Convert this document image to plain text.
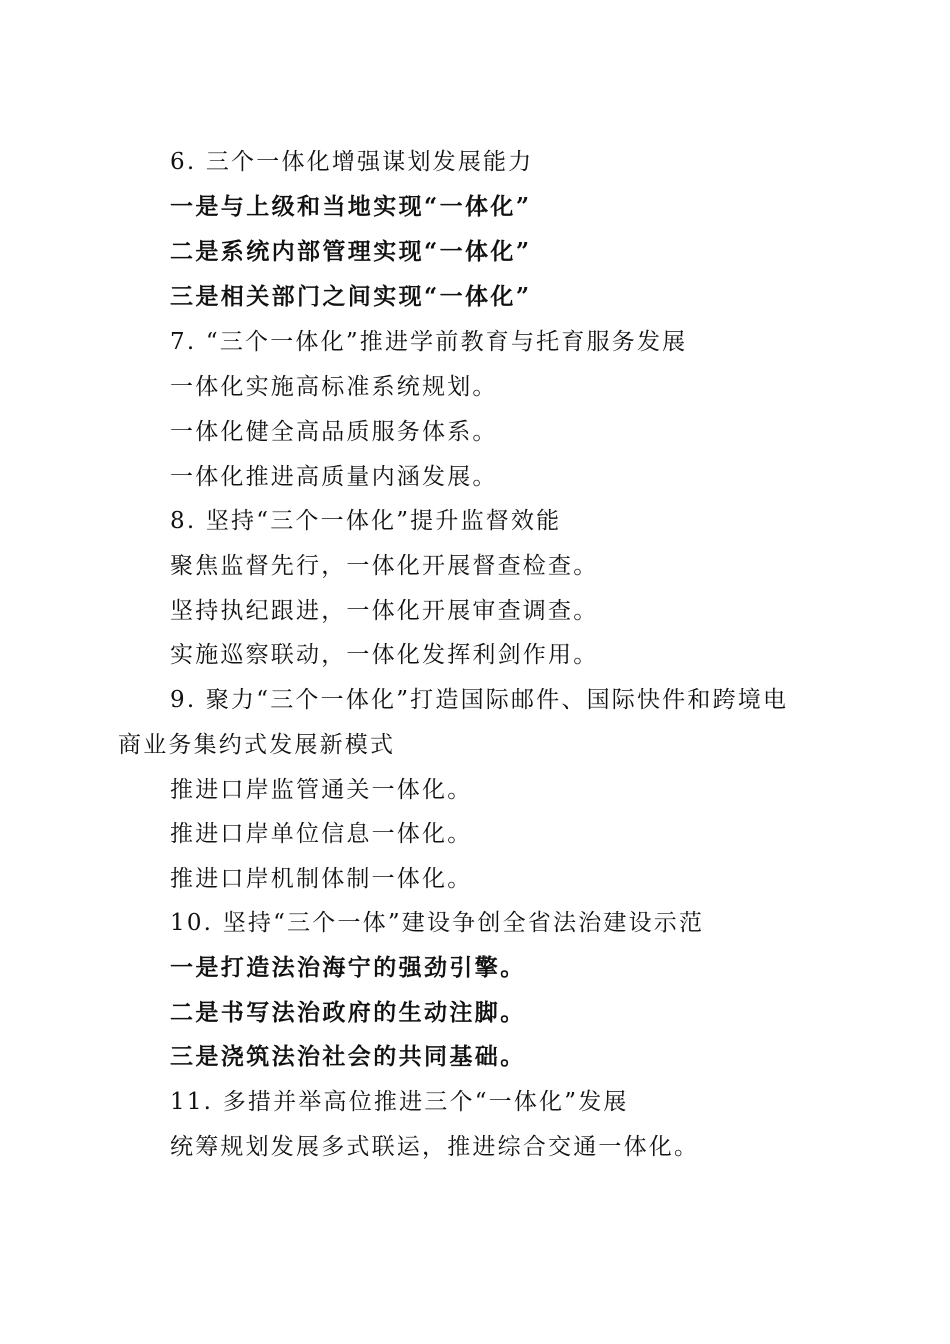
6. 三个一体化增强谋划发展能力
一是与上级和当地实现“一体化”
二是系统内部管理实现“一体化”
三是相关部门之间实现“一体化”
7. “三个一体化”推进学前教育与托育服务发展
一体化实施高标准系统规划。
一体化健全高品质服务体系。
一体化推进高质量内涵发展。
8. 坚持“三个一体化”提升监督效能
聚焦监督先行，一体化开展督查检查。
坚持执纪跟进，一体化开展审查调查。
实施巡察联动，一体化发挥利剑作用。
9. 聚力“三个一体化”打造国际邮件、国际快件和跨境电
商业务集约式发展新模式
推进口岸监管通关一体化。
推进口岸单位信息一体化。
推进口岸机制体制一体化。
10. 坚持“三个一体”建设争创全省法治建设示范
一是打造法治海宁的强劲引擎。
二是书写法治政府的生动注脚。
三是浇筑法治社会的共同基础。
11. 多措并举高位推进三个“一体化”发展
统筹规划发展多式联运，推进综合交通一体化。
